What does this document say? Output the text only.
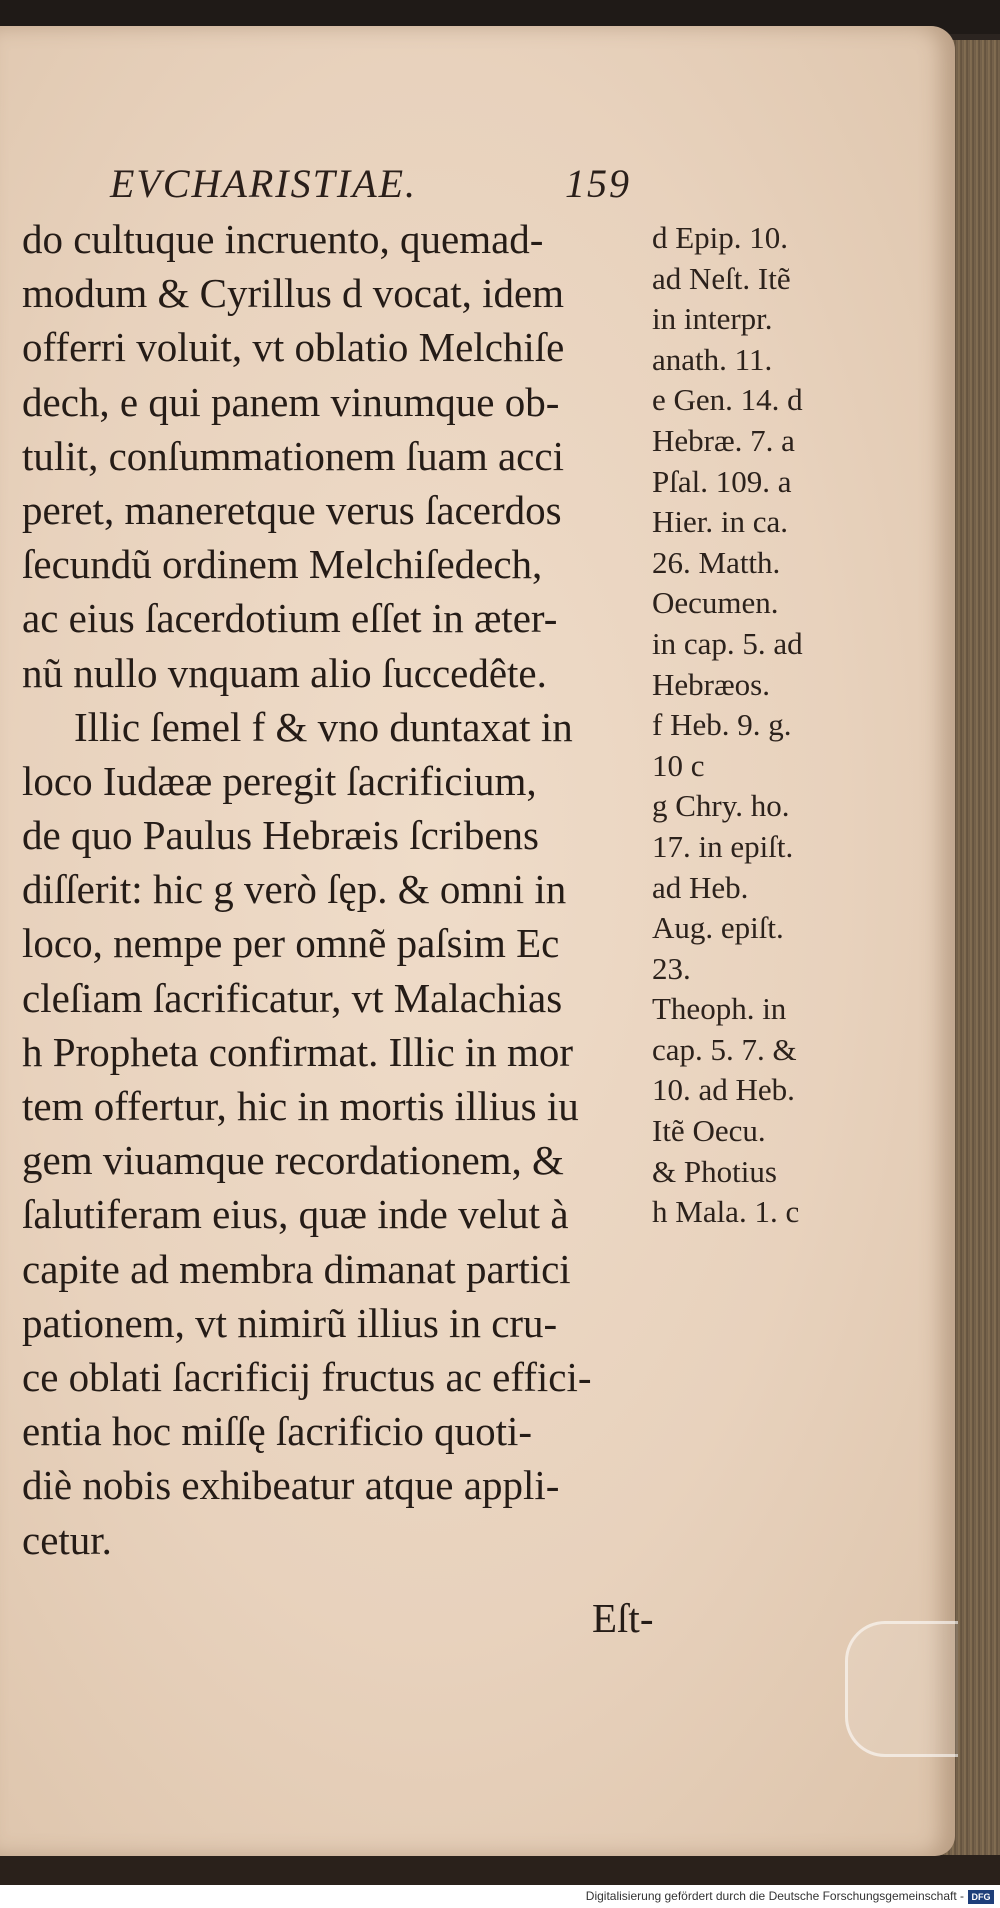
EVCHARISTIAE.	159
do cultuque incruento, quemad-
modum & Cyrillus d vocat, idem
offerri voluit, vt oblatio Melchiſe
dech, e qui panem vinumque ob-
tulit, conſummationem ſuam acci
peret, maneretque verus ſacerdos
ſecundũ ordinem Melchiſedech,
ac eius ſacerdotium eſſet in æter-
nũ nullo vnquam alio ſuccedête.
Illic ſemel f & vno duntaxat in
loco Iudææ peregit ſacrificium,
de quo Paulus Hebræis ſcribens
diſſerit: hic g verò ſęp. & omni in
loco, nempe per omnẽ paſsim Ec
cleſiam ſacrificatur, vt Malachias
h Propheta confirmat. Illic in mor
tem offertur, hic in mortis illius iu
gem viuamque recordationem, &
ſalutiferam eius, quæ inde velut à
capite ad membra dimanat partici
pationem, vt nimirũ illius in cru-
ce oblati ſacrificij fructus ac effici-
entia hoc miſſę ſacrificio quoti-
diè nobis exhibeatur atque appli-
cetur.
Eſt-
d Epip. 10.
ad Neſt. Itẽ
in interpr.
anath. 11.
e Gen. 14. d
Hebræ. 7. a
Pſal. 109. a
Hier. in ca.
26. Matth.
Oecumen.
in cap. 5. ad
Hebræos.
f Heb. 9. g.
10 c
g Chry. ho.
17. in epiſt.
ad Heb.
Aug. epiſt.
23.
Theoph. in
cap. 5. 7. &
10. ad Heb.
Itẽ Oecu.
& Photius
h Mala. 1. c
Digitalisierung gefördert durch die Deutsche Forschungsgemeinschaft - DFG
